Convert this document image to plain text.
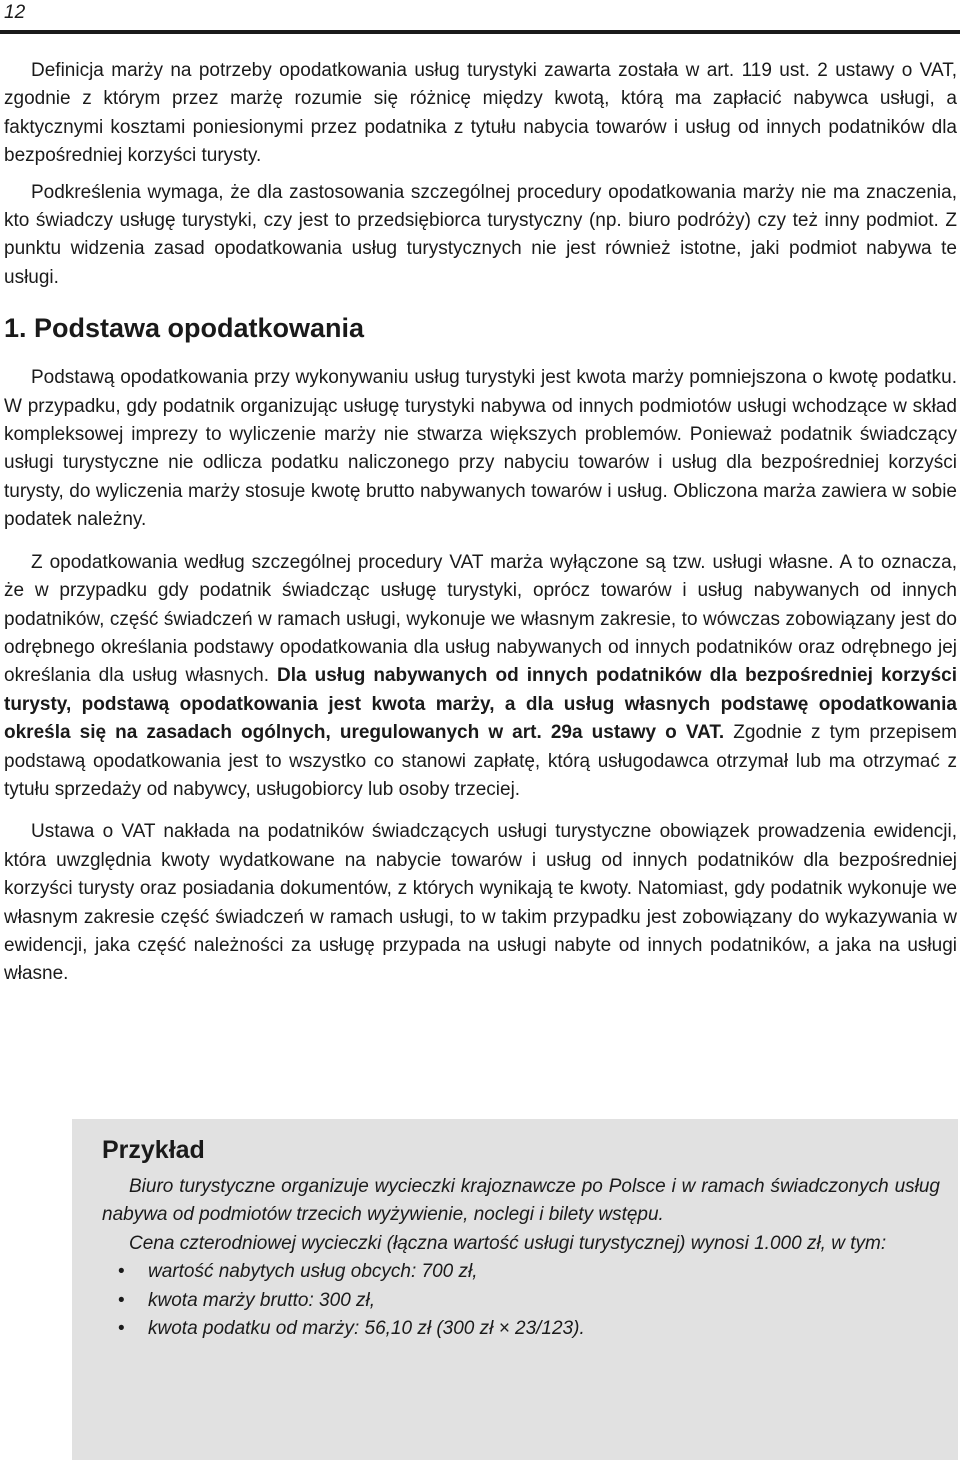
12

Definicja marży na potrzeby opodatkowania usług turystyki zawarta została w art. 119 ust. 2 ustawy o VAT, zgodnie z którym przez marżę rozumie się różnicę między kwotą, którą ma zapłacić nabywca usługi, a faktycznymi kosztami poniesionymi przez podatnika z tytułu nabycia towarów i usług od innych podatników dla bezpośredniej korzyści turysty.

Podkreślenia wymaga, że dla zastosowania szczególnej procedury opodatkowania marży nie ma znaczenia, kto świadczy usługę turystyki, czy jest to przedsiębiorca turystyczny (np. biuro podróży) czy też inny podmiot. Z punktu widzenia zasad opodatkowania usług turystycznych nie jest również istotne, jaki podmiot nabywa te usługi.

1. Podstawa opodatkowania

Podstawą opodatkowania przy wykonywaniu usług turystyki jest kwota marży pomniejszona o kwotę podatku. W przypadku, gdy podatnik organizując usługę turystyki nabywa od innych podmiotów usługi wchodzące w skład kompleksowej imprezy to wyliczenie marży nie stwarza większych problemów. Ponieważ podatnik świadczący usługi turystyczne nie odlicza podatku naliczonego przy nabyciu towarów i usług dla bezpośredniej korzyści turysty, do wyliczenia marży stosuje kwotę brutto nabywanych towarów i usług. Obliczona marża zawiera w sobie podatek należny.

Z opodatkowania według szczególnej procedury VAT marża wyłączone są tzw. usługi własne. A to oznacza, że w przypadku gdy podatnik świadcząc usługę turystyki, oprócz towarów i usług nabywanych od innych podatników, część świadczeń w ramach usługi, wykonuje we własnym zakresie, to wówczas zobowiązany jest do odrębnego określania podstawy opodatkowania dla usług nabywanych od innych podatników oraz odrębnego jej określania dla usług własnych. Dla usług nabywanych od innych podatników dla bezpośredniej korzyści turysty, podstawą opodatkowania jest kwota marży, a dla usług własnych podstawę opodatkowania określa się na zasadach ogólnych, uregulowanych w art. 29a ustawy o VAT. Zgodnie z tym przepisem podstawą opodatkowania jest to wszystko co stanowi zapłatę, którą usługodawca otrzymał lub ma otrzymać z tytułu sprzedaży od nabywcy, usługobiorcy lub osoby trzeciej.

Ustawa o VAT nakłada na podatników świadczących usługi turystyczne obowiązek prowadzenia ewidencji, która uwzględnia kwoty wydatkowane na nabycie towarów i usług od innych podatników dla bezpośredniej korzyści turysty oraz posiadania dokumentów, z których wynikają te kwoty. Natomiast, gdy podatnik wykonuje we własnym zakresie część świadczeń w ramach usługi, to w takim przypadku jest zobowiązany do wykazywania w ewidencji, jaka część należności za usługę przypada na usługi nabyte od innych podatników, a jaka na usługi własne.

Przykład

Biuro turystyczne organizuje wycieczki krajoznawcze po Polsce i w ramach świadczonych usług nabywa od podmiotów trzecich wyżywienie, noclegi i bilety wstępu.

Cena czterodniowej wycieczki (łączna wartość usługi turystycznej) wynosi 1.000 zł, w tym:

• wartość nabytych usług obcych: 700 zł,
• kwota marży brutto: 300 zł,
• kwota podatku od marży: 56,10 zł (300 zł × 23/123).
